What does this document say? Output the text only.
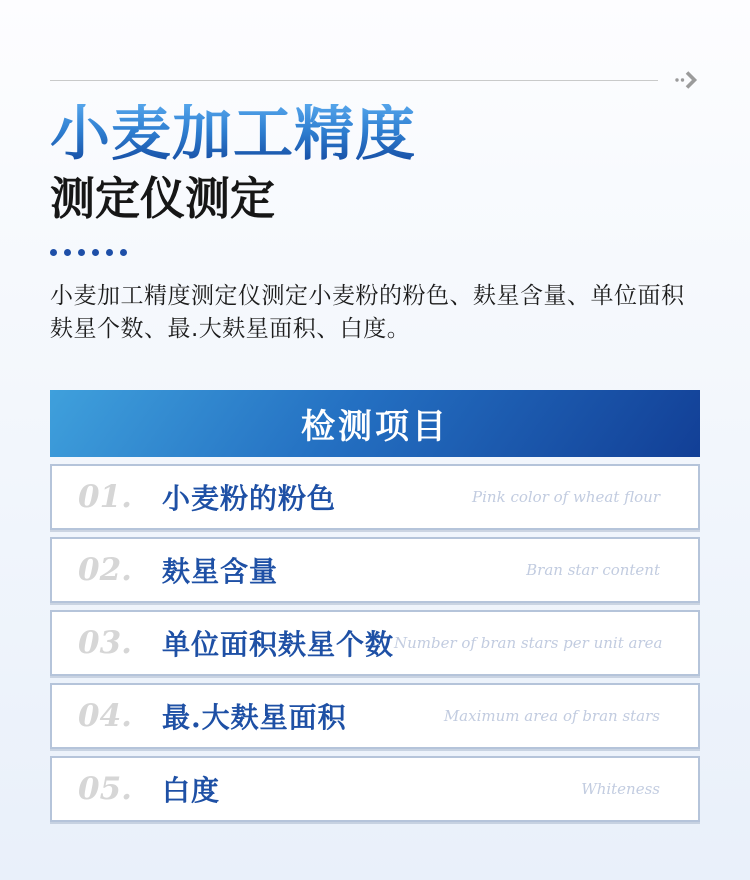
小麦加工精度
测定仪测定

小麦加工精度测定仪测定小麦粉的粉色、麸星含量、单位面积麸星个数、最.大麸星面积、白度。

检测项目
01. 小麦粉的粉色	Pink color of wheat flour
02. 麸星含量	Bran star content
03. 单位面积麸星个数 Number of bran stars per unit area
04. 最.大麸星面积	Maximum area of bran stars
05. 白度	Whiteness
